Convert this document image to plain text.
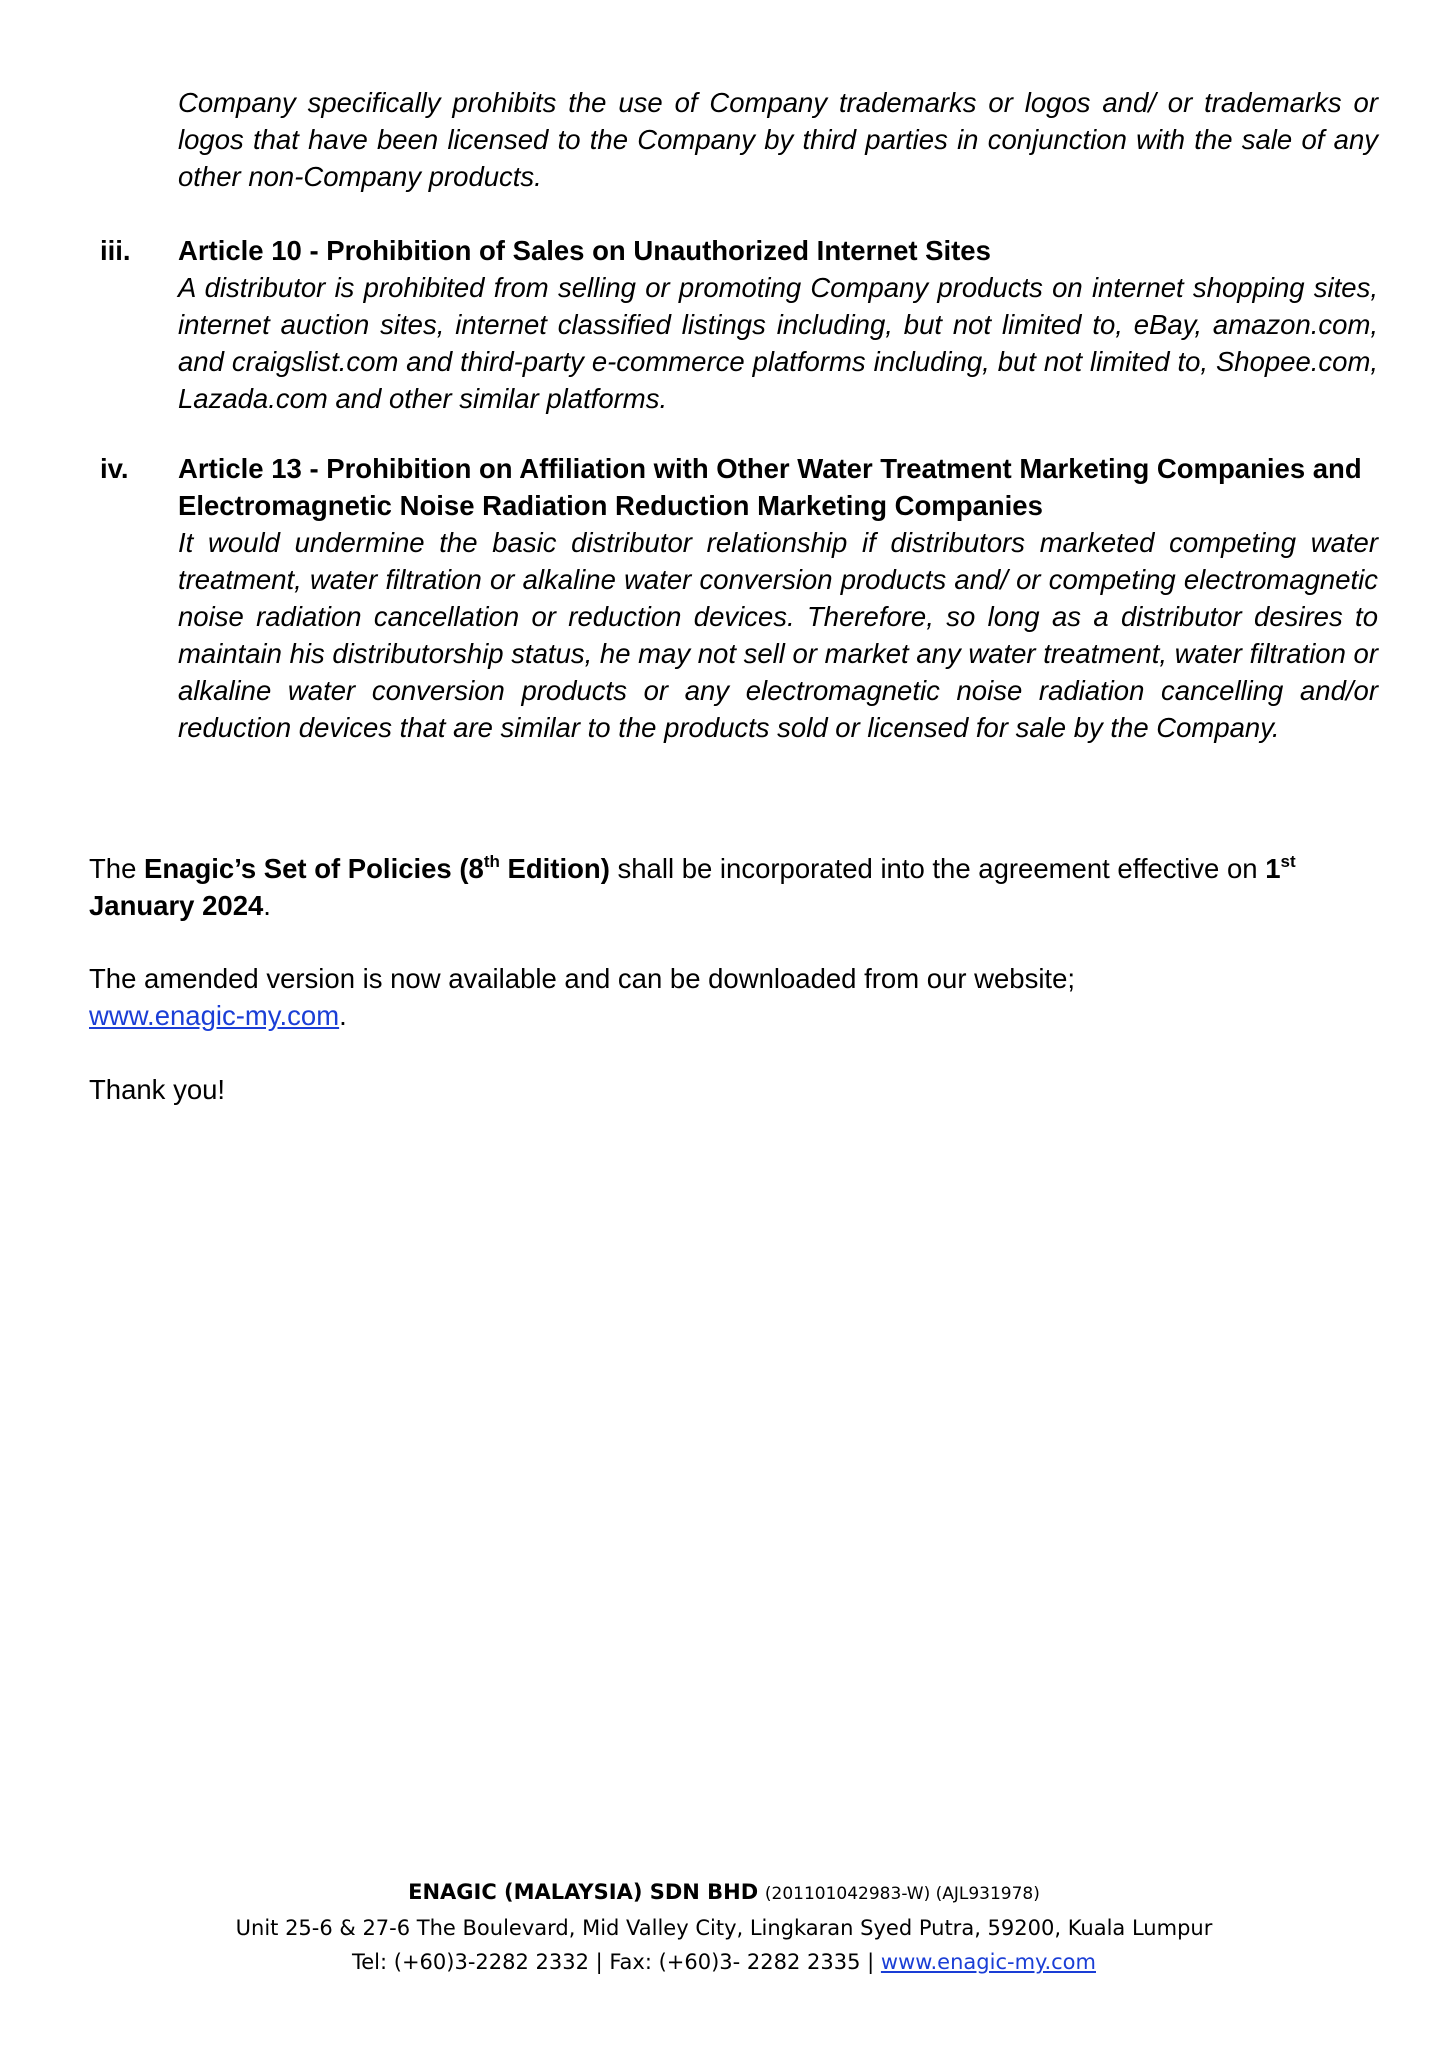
Company specifically prohibits the use of Company trademarks or logos and/ or trademarks or logos that have been licensed to the Company by third parties in conjunction with the sale of any other non-Company products.

iii. Article 10 - Prohibition of Sales on Unauthorized Internet Sites

A distributor is prohibited from selling or promoting Company products on internet shopping sites, internet auction sites, internet classified listings including, but not limited to, eBay, amazon.com, and craigslist.com and third-party e-commerce platforms including, but not limited to, Shopee.com, Lazada.com and other similar platforms.

iv. Article 13 - Prohibition on Affiliation with Other Water Treatment Marketing Companies and Electromagnetic Noise Radiation Reduction Marketing Companies

It would undermine the basic distributor relationship if distributors marketed competing water treatment, water filtration or alkaline water conversion products and/ or competing electromagnetic noise radiation cancellation or reduction devices. Therefore, so long as a distributor desires to maintain his distributorship status, he may not sell or market any water treatment, water filtration or alkaline water conversion products or any electromagnetic noise radiation cancelling and/or reduction devices that are similar to the products sold or licensed for sale by the Company.

The Enagic’s Set of Policies (8th Edition) shall be incorporated into the agreement effective on 1st January 2024.

The amended version is now available and can be downloaded from our website;
www.enagic-my.com.

Thank you!

ENAGIC (MALAYSIA) SDN BHD (201101042983-W) (AJL931978)
Unit 25-6 & 27-6 The Boulevard, Mid Valley City, Lingkaran Syed Putra, 59200, Kuala Lumpur
Tel: (+60)3-2282 2332 | Fax: (+60)3- 2282 2335 | www.enagic-my.com
